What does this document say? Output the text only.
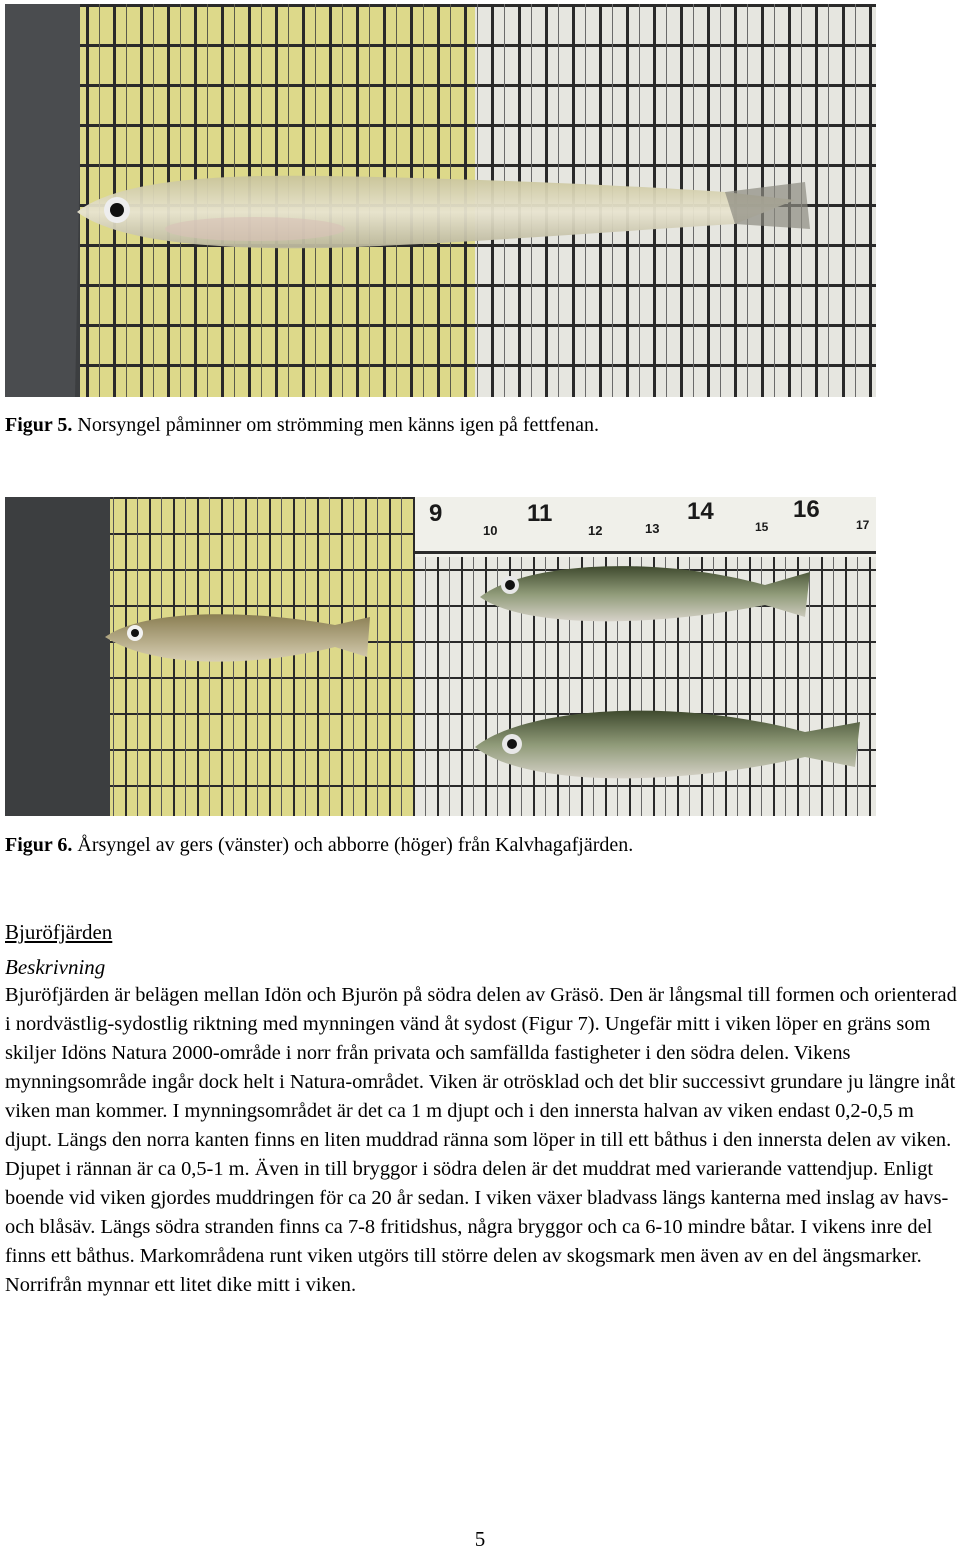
Figur 5. Norsyngel påminner om strömming men känns igen på fettfenan.
9
10
11
12	13
14
15
16
17
Figur 6. Årsyngel av gers (vänster) och abborre (höger) från Kalvhagafjärden.
Bjuröfjärden
Beskrivning

Bjuröfjärden är belägen mellan Idön och Bjurön på södra delen av Gräsö. Den är långsmal till formen och orienterad i nordvästlig-sydostlig riktning med mynningen vänd åt sydost (Figur 7). Ungefär mitt i viken löper en gräns som skiljer Idöns Natura 2000-område i norr från privata och samfällda fastigheter i den södra delen. Vikens mynningsområde ingår dock helt i Natura-området. Viken är otrösklad och det blir successivt grundare ju längre inåt viken man kommer. I mynningsområdet är det ca 1 m djupt och i den innersta halvan av viken endast 0,2-0,5 m djupt. Längs den norra kanten finns en liten muddrad ränna som löper in till ett båthus i den innersta delen av viken. Djupet i rännan är ca 0,5-1 m. Även in till bryggor i södra delen är det muddrat med varierande vattendjup. Enligt boende vid viken gjordes muddringen för ca 20 år sedan. I viken växer bladvass längs kanterna med inslag av havs- och blåsäv. Längs södra stranden finns ca 7-8 fritidshus, några bryggor och ca 6-10 mindre båtar. I vikens inre del finns ett båthus. Markområdena runt viken utgörs till större delen av skogsmark men även av en del ängsmarker. Norrifrån mynnar ett litet dike mitt i viken.

5
